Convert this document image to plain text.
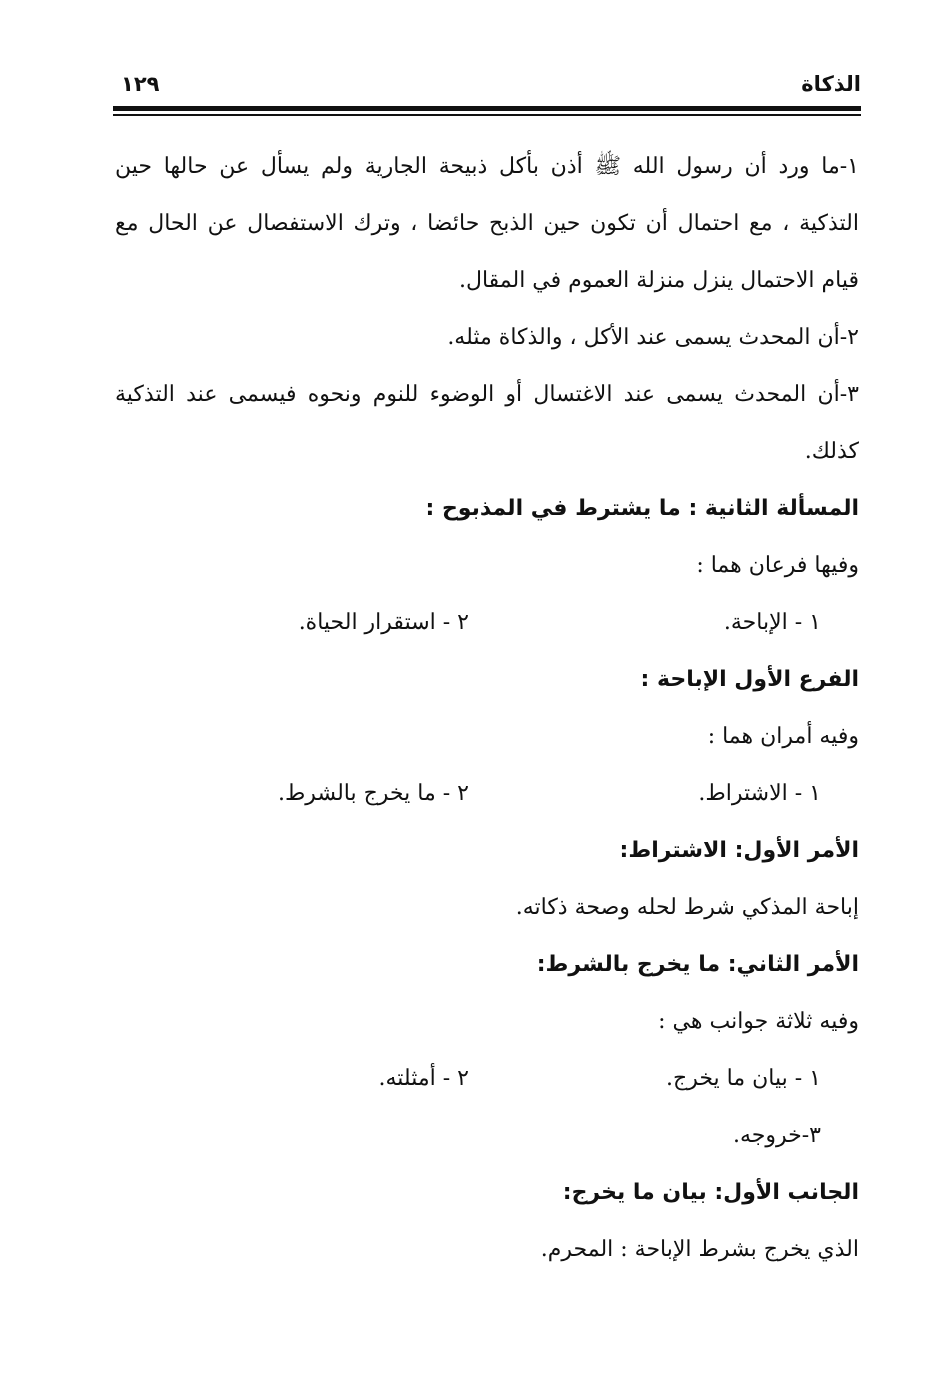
الذكاة
١٢٩

١-ما ورد أن رسول الله ﷺ أذن بأكل ذبيحة الجارية ولم يسأل عن حالها حين التذكية ، مع احتمال أن تكون حين الذبح حائضا ، وترك الاستفصال عن الحال مع قيام الاحتمال ينزل منزلة العموم في المقال.

٢-أن المحدث يسمى عند الأكل ، والذكاة مثله.

٣-أن المحدث يسمى عند الاغتسال أو الوضوء للنوم ونحوه فيسمى عند التذكية كذلك.

المسألة الثانية : ما يشترط في المذبوح :

وفيها فرعان هما :

١ - الإباحة.
٢ - استقرار الحياة.

الفرع الأول الإباحة :

وفيه أمران هما :

١ - الاشتراط.
٢ - ما يخرج بالشرط.

الأمر الأول: الاشتراط:

إباحة المذكي شرط لحله وصحة ذكاته.

الأمر الثاني: ما يخرج بالشرط:

وفيه ثلاثة جوانب هي :

١ - بيان ما يخرج.
٢ - أمثلته.

٣-خروجه.

الجانب الأول: بيان ما يخرج:

الذي يخرج بشرط الإباحة : المحرم.
